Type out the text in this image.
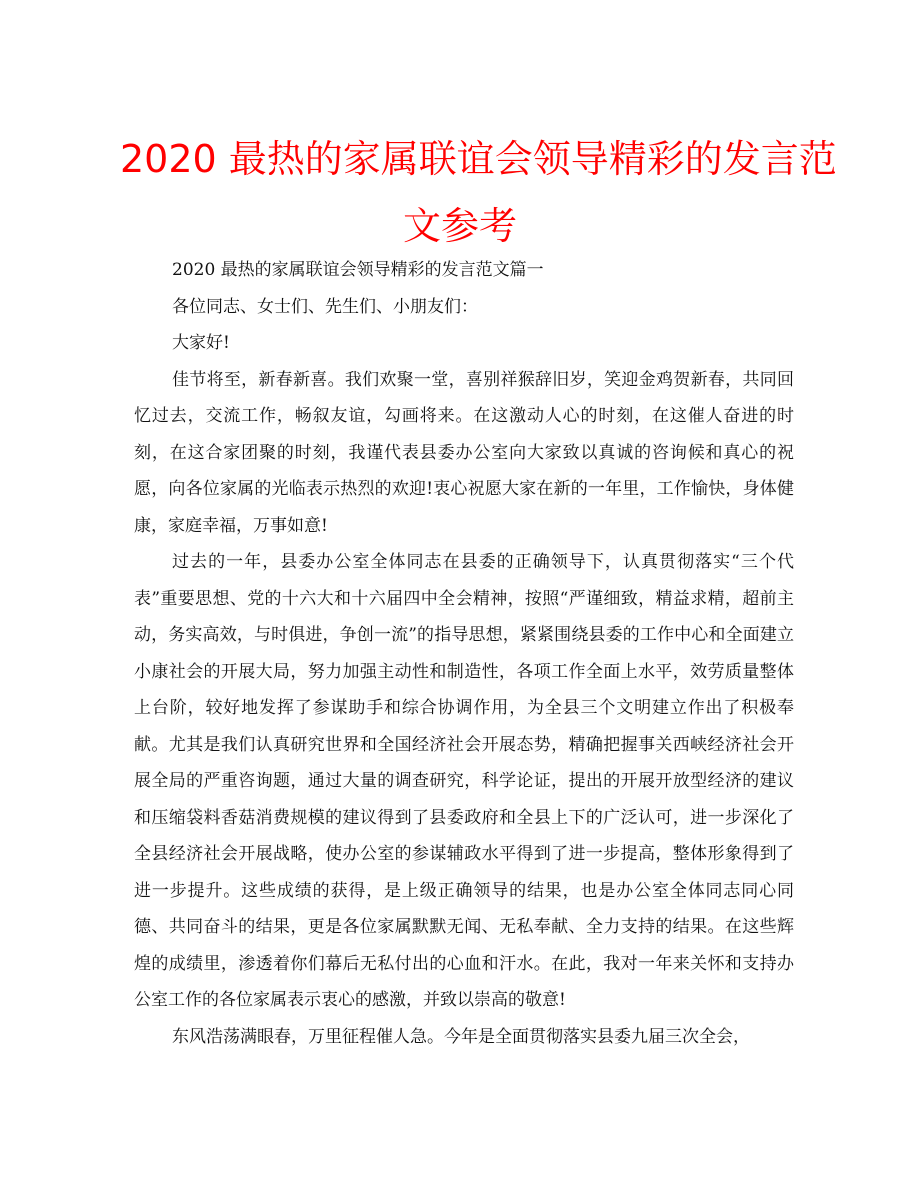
2020 最热的家属联谊会领导精彩的发言范
文参考

2020 最热的家属联谊会领导精彩的发言范文篇一

各位同志、女士们、先生们、小朋友们：

大家好!

佳节将至，新春新喜。我们欢聚一堂，喜别祥猴辞旧岁，笑迎金鸡贺新春，共同回忆过去，交流工作，畅叙友谊，勾画将来。在这激动人心的时刻，在这催人奋进的时刻，在这合家团聚的时刻，我谨代表县委办公室向大家致以真诚的咨询候和真心的祝愿，向各位家属的光临表示热烈的欢迎!衷心祝愿大家在新的一年里，工作愉快，身体健康，家庭幸福，万事如意!

过去的一年，县委办公室全体同志在县委的正确领导下，认真贯彻落实“三个代表”重要思想、党的十六大和十六届四中全会精神，按照“严谨细致，精益求精，超前主动，务实高效，与时俱进，争创一流”的指导思想，紧紧围绕县委的工作中心和全面建立小康社会的开展大局，努力加强主动性和制造性，各项工作全面上水平，效劳质量整体上台阶，较好地发挥了参谋助手和综合协调作用，为全县三个文明建立作出了积极奉献。尤其是我们认真研究世界和全国经济社会开展态势，精确把握事关西峡经济社会开展全局的严重咨询题，通过大量的调查研究，科学论证，提出的开展开放型经济的建议和压缩袋料香菇消费规模的建议得到了县委政府和全县上下的广泛认可，进一步深化了全县经济社会开展战略，使办公室的参谋辅政水平得到了进一步提高，整体形象得到了进一步提升。这些成绩的获得，是上级正确领导的结果，也是办公室全体同志同心同德、共同奋斗的结果，更是各位家属默默无闻、无私奉献、全力支持的结果。在这些辉煌的成绩里，渗透着你们幕后无私付出的心血和汗水。在此，我对一年来关怀和支持办公室工作的各位家属表示衷心的感激，并致以崇高的敬意!

东风浩荡满眼春，万里征程催人急。今年是全面贯彻落实县委九届三次全会，
